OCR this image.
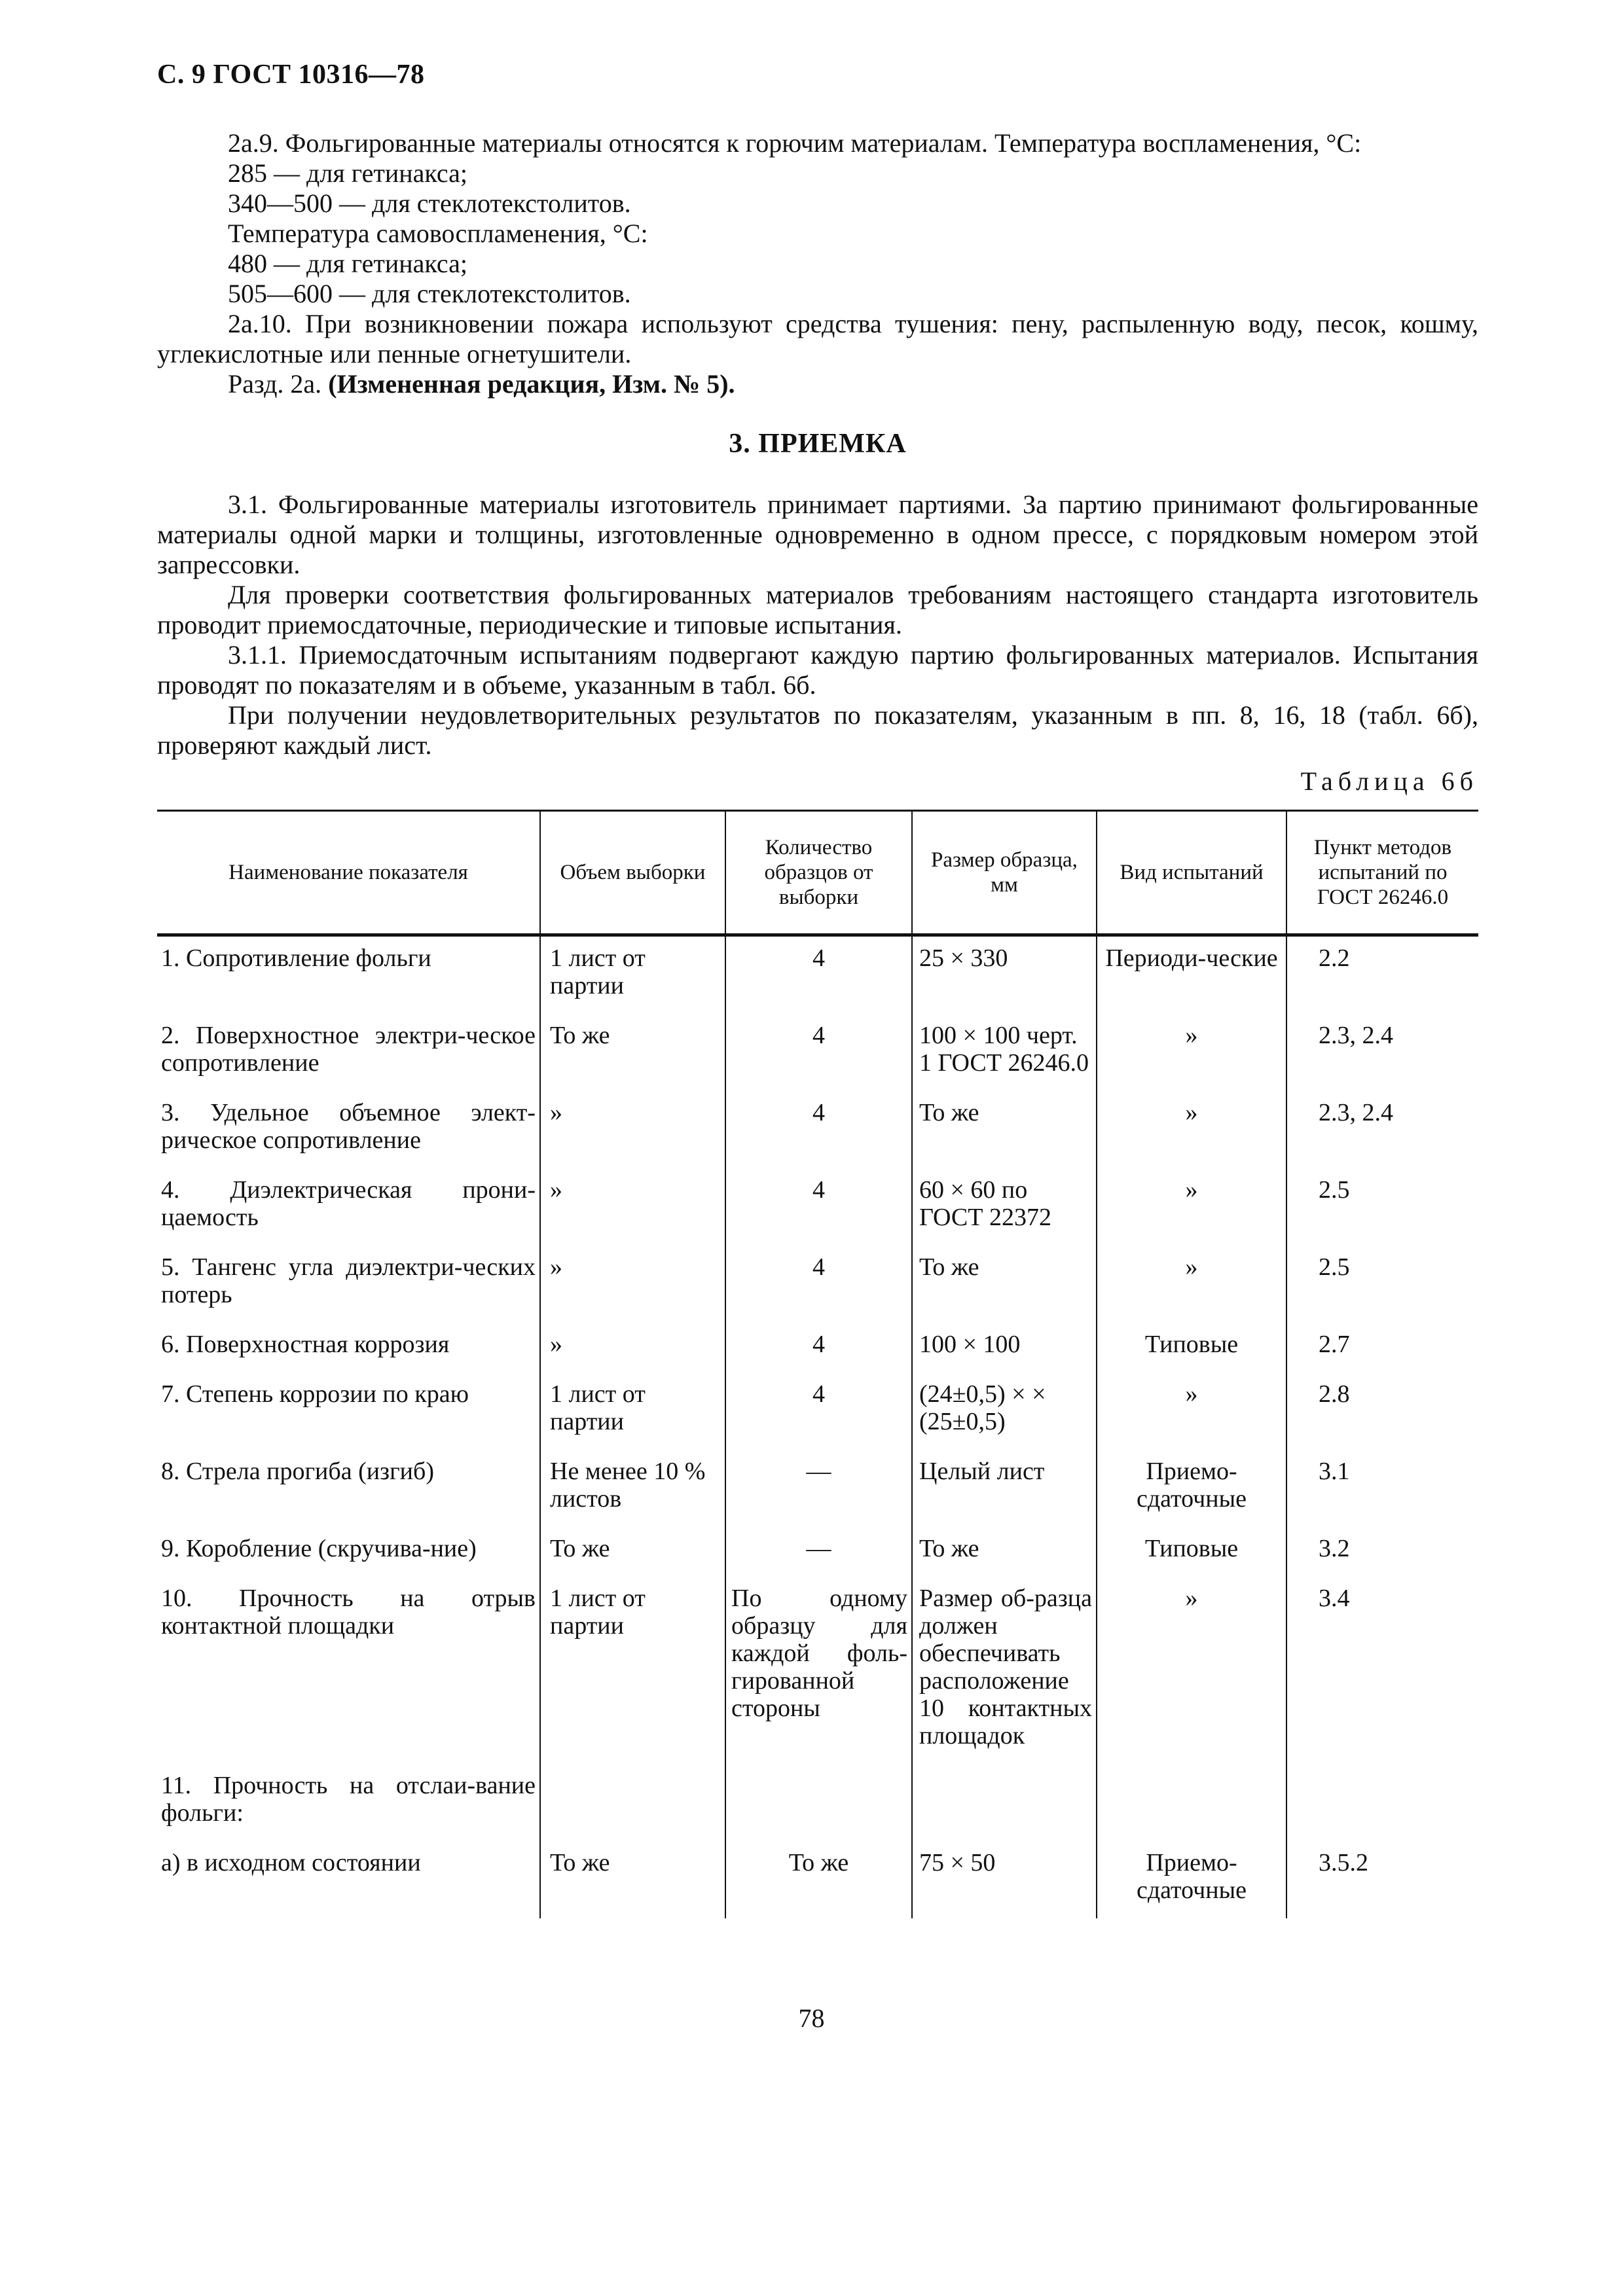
С. 9 ГОСТ 10316—78

2а.9. Фольгированные материалы относятся к горючим материалам. Температура воспламенения, °С:

285 — для гетинакса;

340—500 — для стеклотекстолитов.

Температура самовоспламенения, °С:

480 — для гетинакса;

505—600 — для стеклотекстолитов.

2а.10. При возникновении пожара используют средства тушения: пену, распыленную воду, песок, кошму, углекислотные или пенные огнетушители.

Разд. 2а. (Измененная редакция, Изм. № 5).

3. ПРИЕМКА

3.1. Фольгированные материалы изготовитель принимает партиями. За партию принимают фольгированные материалы одной марки и толщины, изготовленные одновременно в одном прессе, с порядковым номером этой запрессовки.

Для проверки соответствия фольгированных материалов требованиям настоящего стандарта изготовитель проводит приемосдаточные, периодические и типовые испытания.

3.1.1. Приемосдаточным испытаниям подвергают каждую партию фольгированных материалов. Испытания проводят по показателям и в объеме, указанным в табл. 6б.

При получении неудовлетворительных результатов по показателям, указанным в пп. 8, 16, 18 (табл. 6б), проверяют каждый лист.

Таблица 6б
Наименование показателя	Объем выборки	Количество образцов от выборки	Размер образца, мм	Вид испытаний	Пункт методов испытаний по ГОСТ 26246.0
1. Сопротивление фольги	1 лист от партии	4	25 × 330	Периоди-ческие	2.2
2. Поверхностное электри-ческое сопротивление	То же	4	100 × 100 черт. 1 ГОСТ 26246.0	»	2.3, 2.4
3. Удельное объемное элект-рическое сопротивление	»	4	То же	»	2.3, 2.4
4. Диэлектрическая прони-цаемость	»	4	60 × 60 по ГОСТ 22372	»	2.5
5. Тангенс угла диэлектри-ческих потерь	»	4	То же	»	2.5
6. Поверхностная коррозия	»	4	100 × 100	Типовые	2.7
7. Степень коррозии по краю	1 лист от партии	4	(24±0,5) × × (25±0,5)	»	2.8
8. Стрела прогиба (изгиб)	Не менее 10 % листов	—	Целый лист	Приемо-сдаточные	3.1
9. Коробление (скручива-ние)	То же	—	То же	Типовые	3.2
10. Прочность на отрыв контактной площадки	1 лист от партии	По одному образцу для каждой фоль-гированной стороны	Размер об-разца должен обеспечивать расположение 10 контактных площадок	»	3.4
11. Прочность на отслаи-вание фольги:					
а) в исходном состоянии	То же	То же	75 × 50	Приемо-сдаточные	3.5.2
78
